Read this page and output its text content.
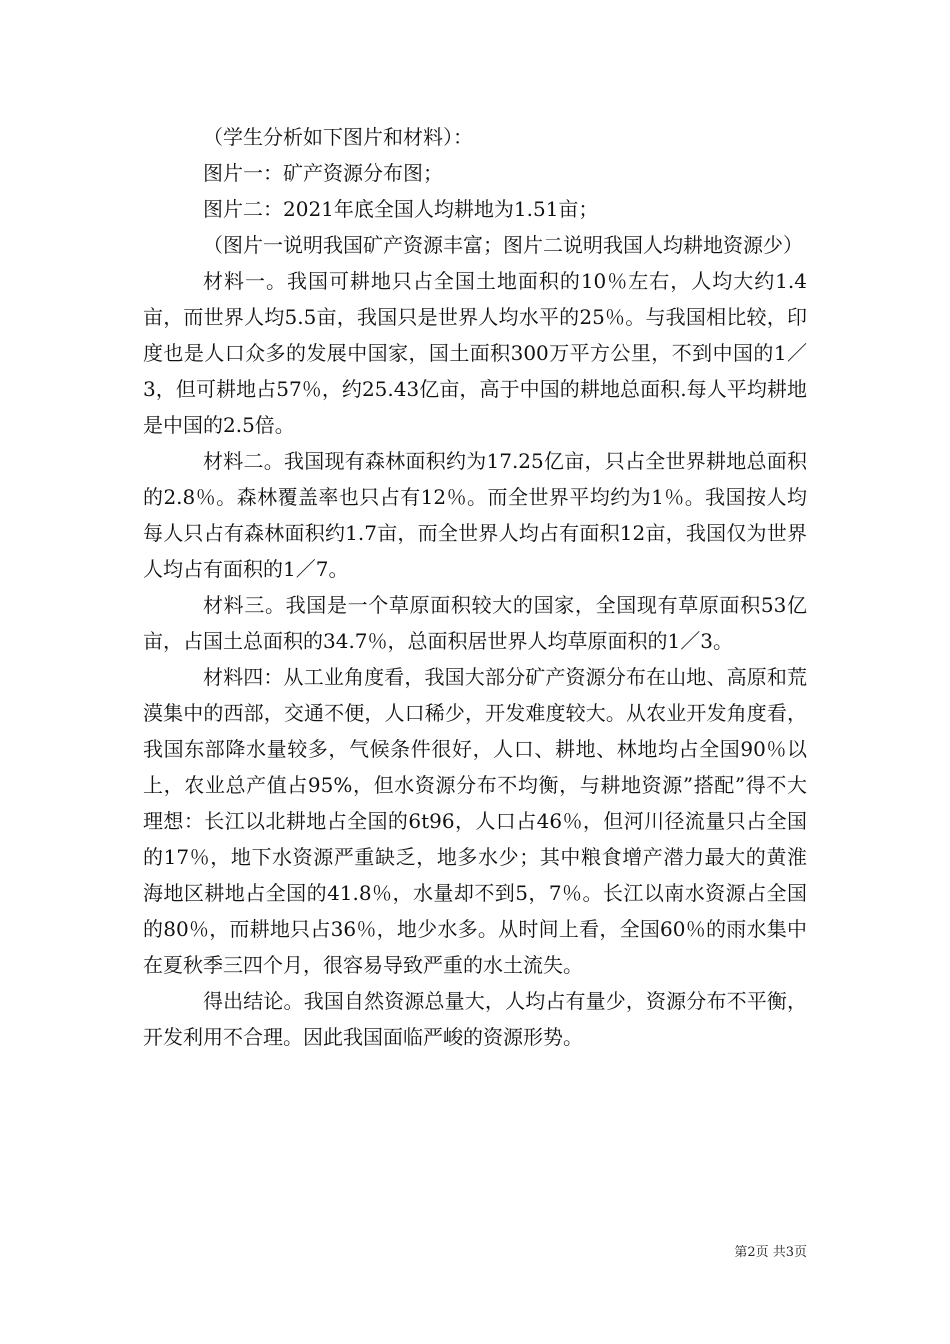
（学生分析如下图片和材料）：

图片一：矿产资源分布图；

图片二：2021年底全国人均耕地为1.51亩；

（图片一说明我国矿产资源丰富；图片二说明我国人均耕地资源少）

材料一。我国可耕地只占全国土地面积的10％左右，人均大约1.4亩，而世界人均5.5亩，我国只是世界人均水平的25％。与我国相比较，印度也是人口众多的发展中国家，国土面积300万平方公里，不到中国的1／3，但可耕地占57％，约25.43亿亩，高于中国的耕地总面积.每人平均耕地是中国的2.5倍。

材料二。我国现有森林面积约为17.25亿亩，只占全世界耕地总面积的2.8％。森林覆盖率也只占有12％。而全世界平均约为1％。我国按人均每人只占有森林面积约1.7亩，而全世界人均占有面积12亩，我国仅为世界人均占有面积的1／7。

材料三。我国是一个草原面积较大的国家，全国现有草原面积53亿亩，占国土总面积的34.7％，总面积居世界人均草原面积的1／3。

材料四：从工业角度看，我国大部分矿产资源分布在山地、高原和荒漠集中的西部，交通不便，人口稀少，开发难度较大。从农业开发角度看，我国东部降水量较多，气候条件很好，人口、耕地、林地均占全国90％以上，农业总产值占95%，但水资源分布不均衡，与耕地资源”搭配”得不大理想：长江以北耕地占全国的6t96，人口占46％，但河川径流量只占全国的17％，地下水资源严重缺乏，地多水少；其中粮食增产潜力最大的黄淮海地区耕地占全国的41.8％，水量却不到5，7％。长江以南水资源占全国的80％，而耕地只占36％，地少水多。从时间上看，全国60％的雨水集中在夏秋季三四个月，很容易导致严重的水土流失。

得出结论。我国自然资源总量大，人均占有量少，资源分布不平衡，开发利用不合理。因此我国面临严峻的资源形势。

第2页 共3页
